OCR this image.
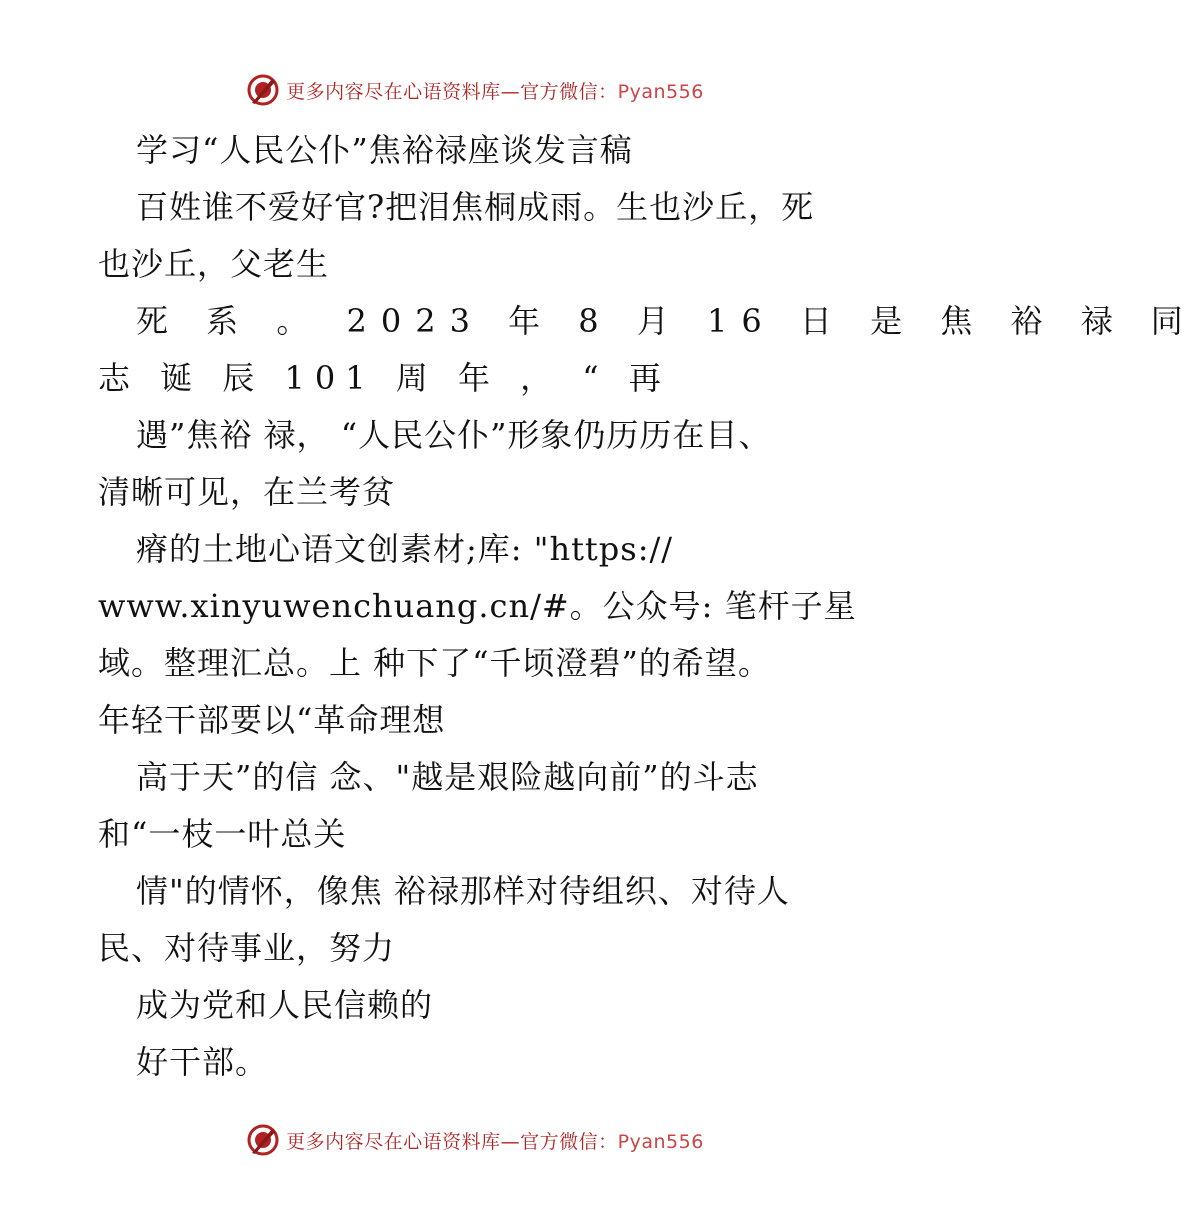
更多内容尽在心语资料库—官方微信：Pyan556
学习“人民公仆”焦裕禄座谈发言稿
百姓谁不爱好官?把泪焦桐成雨。生也沙丘，死
也沙丘，父老生
死 系 。 2023 年 8 月 16 日 是 焦 裕 禄 同
志 诞 辰 101 周 年 ， “ 再
遇”焦裕 禄， “人民公仆”形象仍历历在目、
清晰可见，在兰考贫
瘠的土地心语文创素材;库: "https://
www.xinyuwenchuang.cn/#。公众号: 笔杆子星
域。整理汇总。上 种下了“千顷澄碧”的希望。
年轻干部要以“革命理想
高于天”的信 念、"越是艰险越向前”的斗志
和“一枝一叶总关
情"的情怀，像焦 裕禄那样对待组织、对待人
民、对待事业，努力
成为党和人民信赖的
好干部。
更多内容尽在心语资料库—官方微信：Pyan556
